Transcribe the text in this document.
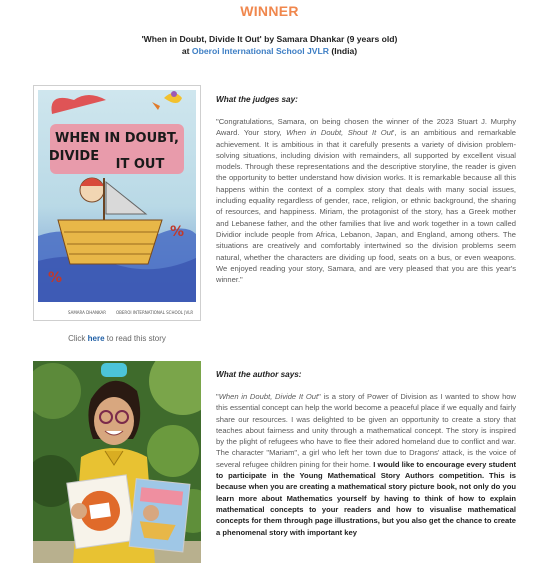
WINNER
'When in Doubt, Divide It Out' by Samara Dhankar (9 years old)
at Oberoi International School JVLR (India)
WHEN IN DOUBT,
DIVIDE
IT OUT
%
%
SAMARA DHANKAR OBEROI INTERNATIONAL SCHOOL JVLR
Click here to read this story
What the judges say:
"Congratulations, Samara, on being chosen the winner of the 2023 Stuart J. Murphy Award. Your story, When in Doubt, Shout It Out', is an ambitious and remarkable achievement. It is ambitious in that it carefully presents a variety of division problem-solving situations, including division with remainders, all supported by excellent visual models. Through these representations and the descriptive storyline, the reader is given the opportunity to better understand how division works. It is remarkable because all this happens within the context of a complex story that deals with many social issues, including equality regardless of gender, race, religion, or ethnic background, the sharing of resources, and happiness. Miriam, the protagonist of the story, has a Greek mother and Lebanese father, and the other families that live and work together in a town called Dividior include people from Africa, Lebanon, Japan, and England, among others. The situations are creatively and comfortably intertwined so the division problems seem natural, whether the characters are dividing up food, seats on a bus, or even weapons. We enjoyed reading your story, Samara, and are very pleased that you are this year's winner."
What the author says:
"When in Doubt, Divide It Out" is a story of Power of Division as I wanted to show how this essential concept can help the world become a peaceful place if we equally and fairly share our resources. I was delighted to be given an opportunity to create a story that teaches about fairness and unity through a mathematical concept. The story is inspired by the plight of refugees who have to flee their adored homeland due to conflict and war. The character "Mariam", a girl who left her town due to Dragons' attack, is the voice of several refugee children pining for their home. I would like to encourage every student to participate in the Young Mathematical Story Authors competition. This is because when you are creating a mathematical story picture book, not only do you learn more about Mathematics yourself by having to think of how to explain mathematical concepts to your readers and how to visualise mathematical concepts for them through page illustrations, but you also get the chance to create a phenomenal story with important key
